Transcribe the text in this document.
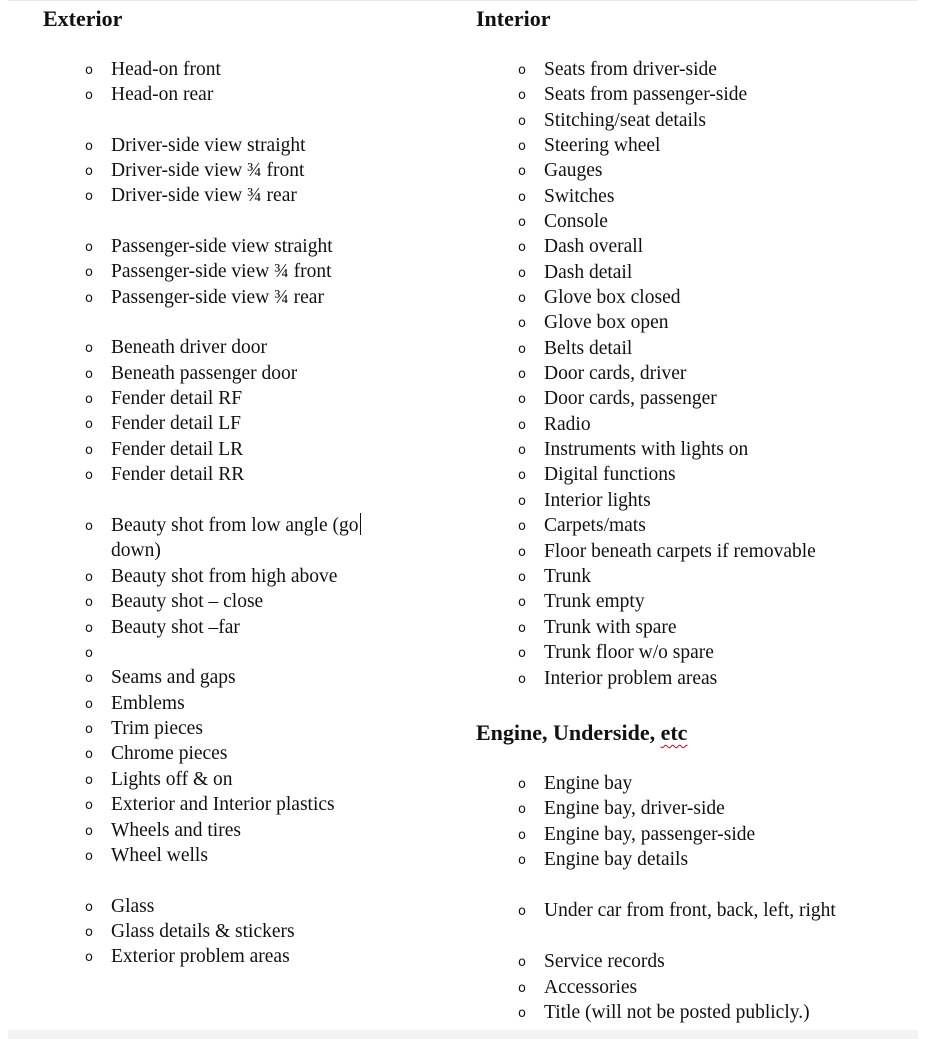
Exterior	Interior
Engine, Underside, etc
o Head-on front
o Head-on rear
o Driver-side view straight
o Driver-side view ¾ front
o Driver-side view ¾ rear
o Passenger-side view straight
o Passenger-side view ¾ front
o Passenger-side view ¾ rear
o Beneath driver door
o Beneath passenger door
o Fender detail RF
o Fender detail LF
o Fender detail LR
o Fender detail RR
o Beauty shot from low angle (go
down)
o Beauty shot from high above
o Beauty shot – close
o Beauty shot –far
o
o Seams and gaps
o Emblems
o Trim pieces
o Chrome pieces
o Lights off & on
o Exterior and Interior plastics
o Wheels and tires
o Wheel wells
o Glass
o Glass details & stickers
o Exterior problem areas
o Seats from driver-side
o Seats from passenger-side
o Stitching/seat details
o Steering wheel
o Gauges
o Switches
o Console
o Dash overall
o Dash detail
o Glove box closed
o Glove box open
o Belts detail
o Door cards, driver
o Door cards, passenger
o Radio
o Instruments with lights on
o Digital functions
o Interior lights
o Carpets/mats
o Floor beneath carpets if removable
o Trunk
o Trunk empty
o Trunk with spare
o Trunk floor w/o spare
o Interior problem areas
o Engine bay
o Engine bay, driver-side
o Engine bay, passenger-side
o Engine bay details
o Under car from front, back, left, right
o Service records
o Accessories
o Title (will not be posted publicly.)
